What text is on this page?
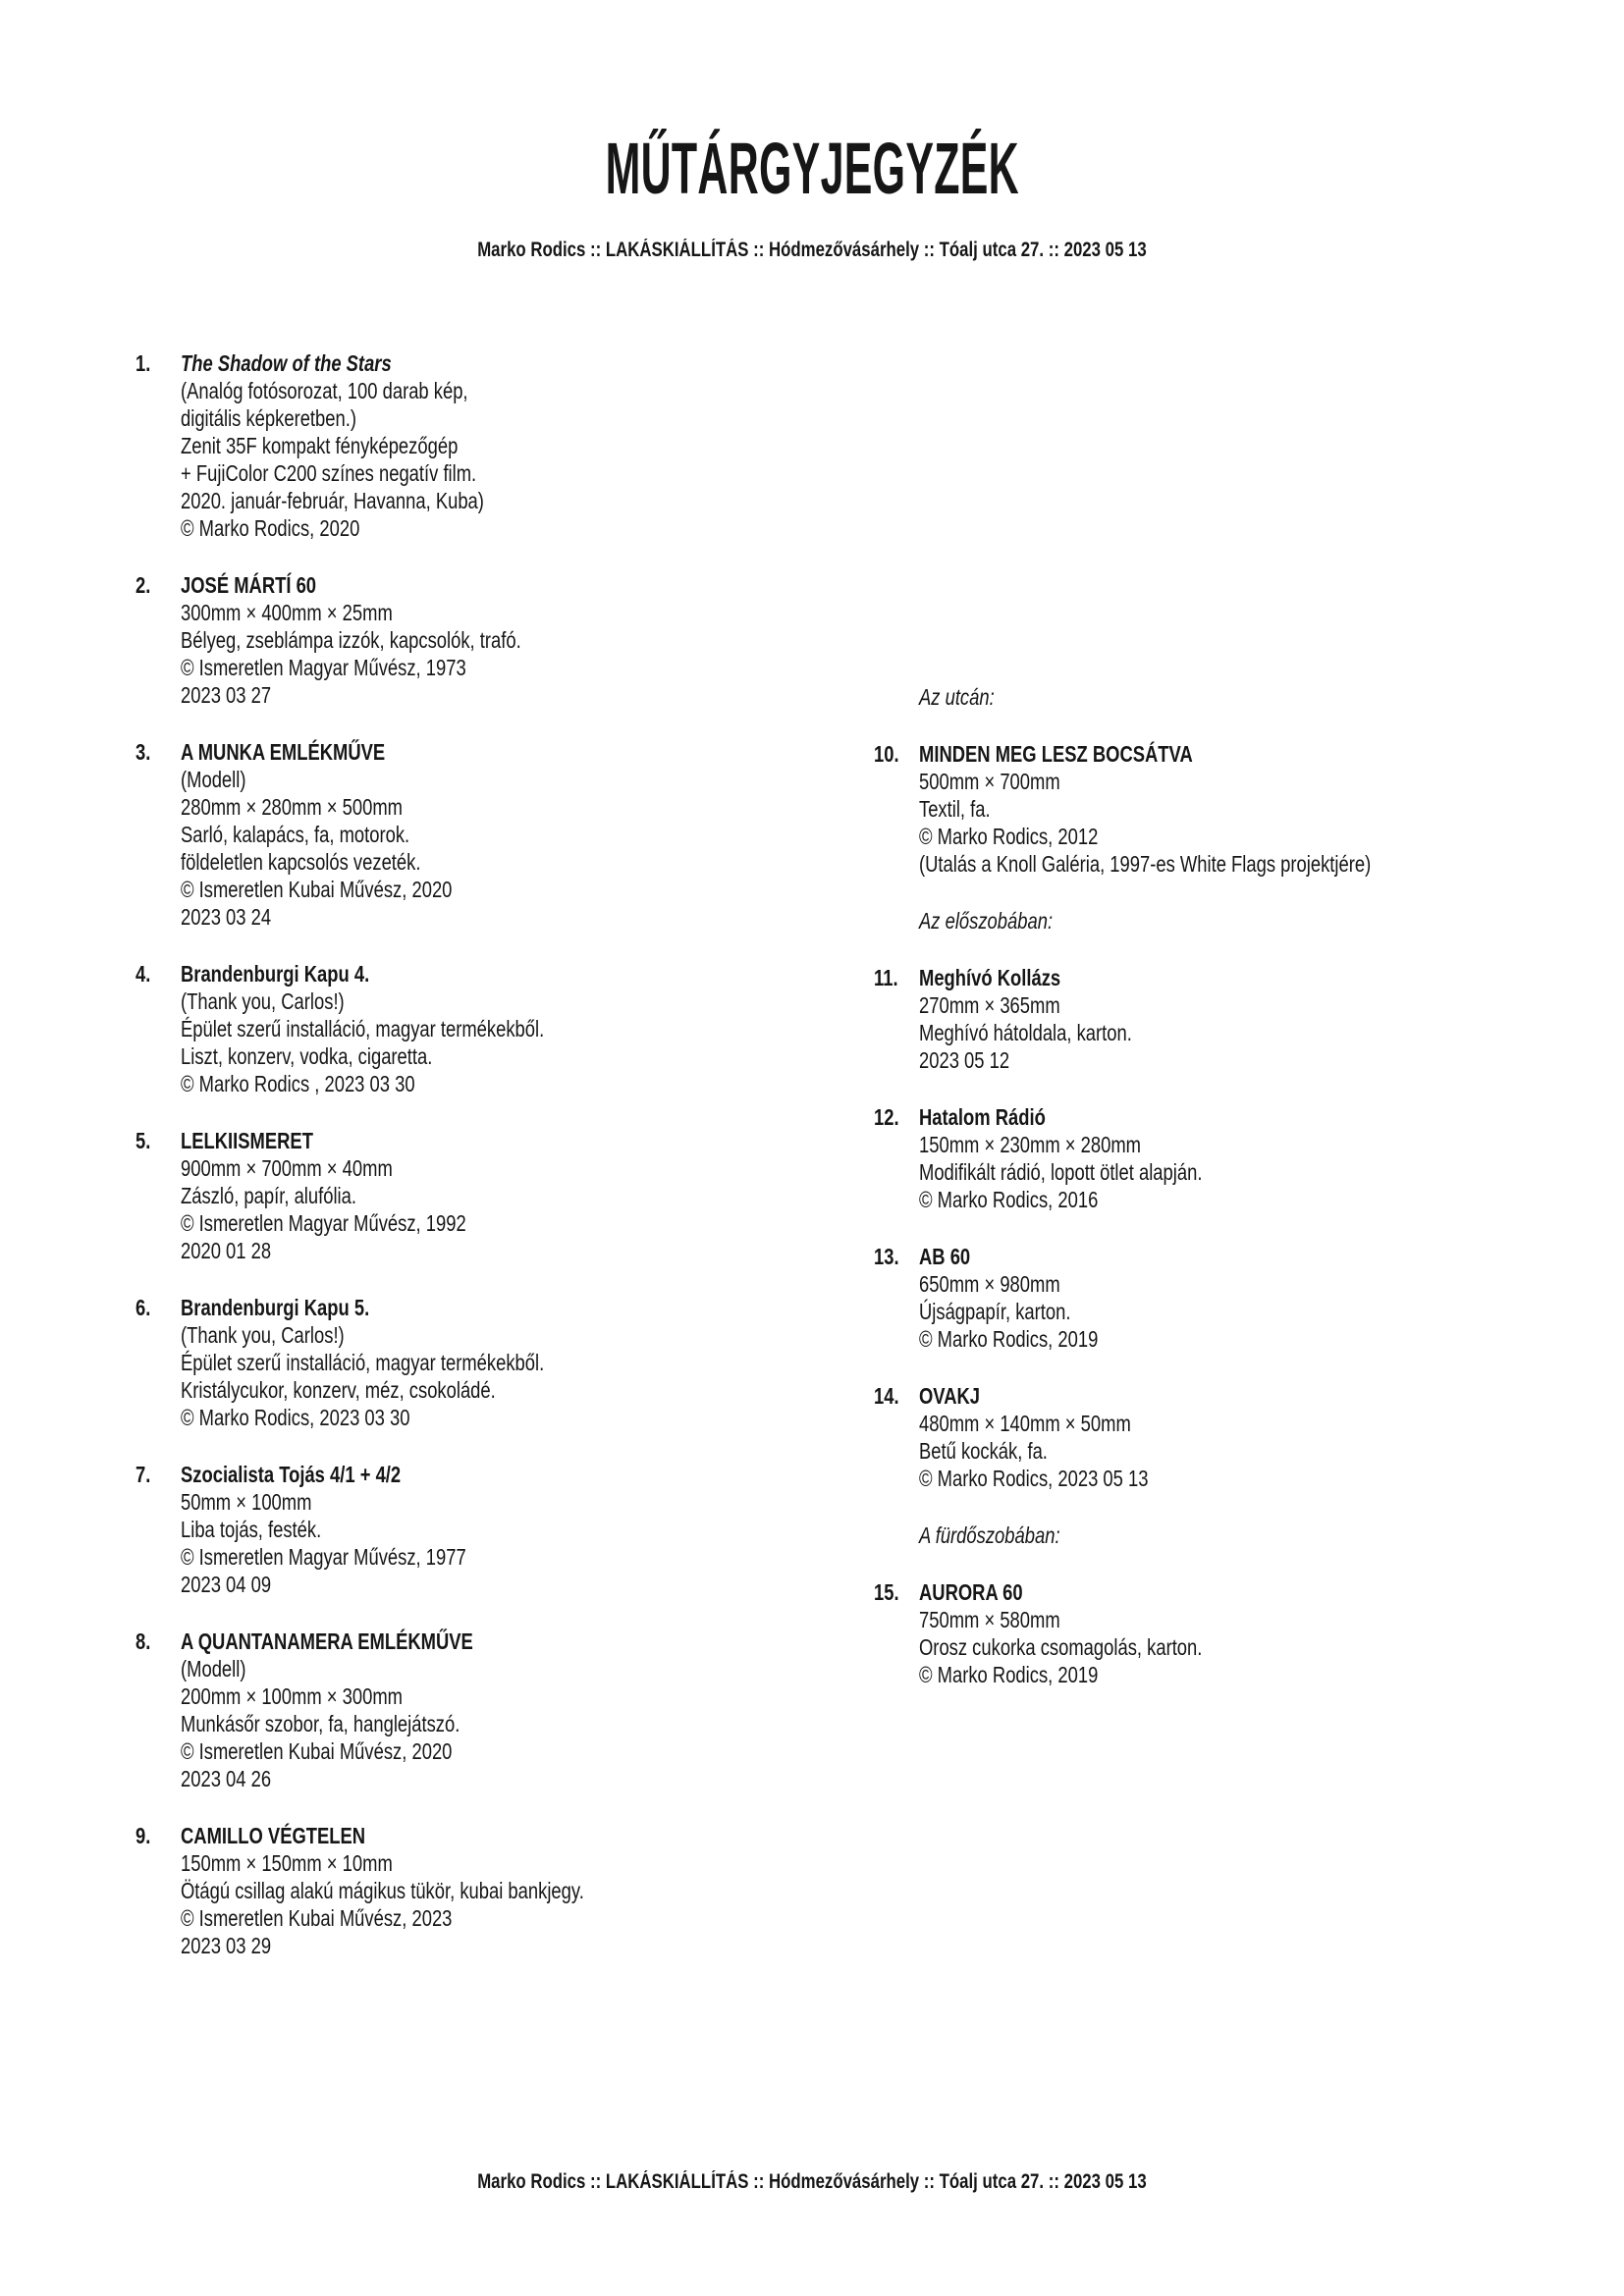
MŰTÁRGYJEGYZÉK
Marko Rodics :: LAKÁSKIÁLLÍTÁS :: Hódmezővásárhely :: Tóalj utca 27. :: 2023 05 13
1.	The Shadow of the Stars
(Analóg fotósorozat, 100 darab kép,
digitális képkeretben.)
Zenit 35F kompakt fényképezőgép
+ FujiColor C200 színes negatív film.
2020. január-február, Havanna, Kuba)
© Marko Rodics, 2020
2.	JOSÉ MÁRTÍ 60
300mm × 400mm × 25mm
Bélyeg, zseblámpa izzók, kapcsolók, trafó.
© Ismeretlen Magyar Művész, 1973
2023 03 27
3.	A MUNKA EMLÉKMŰVE
(Modell)
280mm × 280mm × 500mm
Sarló, kalapács, fa, motorok.
földeletlen kapcsolós vezeték.
© Ismeretlen Kubai Művész, 2020
2023 03 24
4.	Brandenburgi Kapu 4.
(Thank you, Carlos!)
Épület szerű installáció, magyar termékekből.
Liszt, konzerv, vodka, cigaretta.
© Marko Rodics , 2023 03 30
5.	LELKIISMERET
900mm × 700mm × 40mm
Zászló, papír, alufólia.
© Ismeretlen Magyar Művész, 1992
2020 01 28
6.	Brandenburgi Kapu 5.
(Thank you, Carlos!)
Épület szerű installáció, magyar termékekből.
Kristálycukor, konzerv, méz, csokoládé.
© Marko Rodics, 2023 03 30
7.	Szocialista Tojás 4/1 + 4/2
50mm × 100mm
Liba tojás, festék.
© Ismeretlen Magyar Művész, 1977
2023 04 09
8.	A QUANTANAMERA EMLÉKMŰVE
(Modell)
200mm × 100mm × 300mm
Munkásőr szobor, fa, hanglejátszó.
© Ismeretlen Kubai Művész, 2020
2023 04 26
9.	CAMILLO VÉGTELEN
150mm × 150mm × 10mm
Ötágú csillag alakú mágikus tükör, kubai bankjegy.
© Ismeretlen Kubai Művész, 2023
2023 03 29
Az utcán:
10. MINDEN MEG LESZ BOCSÁTVA
500mm × 700mm
Textil, fa.
© Marko Rodics, 2012
(Utalás a Knoll Galéria, 1997-es White Flags projektjére)
Az előszobában:
11. Meghívó Kollázs
270mm × 365mm
Meghívó hátoldala, karton.
2023 05 12
12. Hatalom Rádió
150mm × 230mm × 280mm
Modifikált rádió, lopott ötlet alapján.
© Marko Rodics, 2016
13. AB 60
650mm × 980mm
Újságpapír, karton.
© Marko Rodics, 2019
14. OVAKJ
480mm × 140mm × 50mm
Betű kockák, fa.
© Marko Rodics, 2023 05 13
A fürdőszobában:
15. AURORA 60
750mm × 580mm
Orosz cukorka csomagolás, karton.
© Marko Rodics, 2019
Marko Rodics :: LAKÁSKIÁLLÍTÁS :: Hódmezővásárhely :: Tóalj utca 27. :: 2023 05 13
